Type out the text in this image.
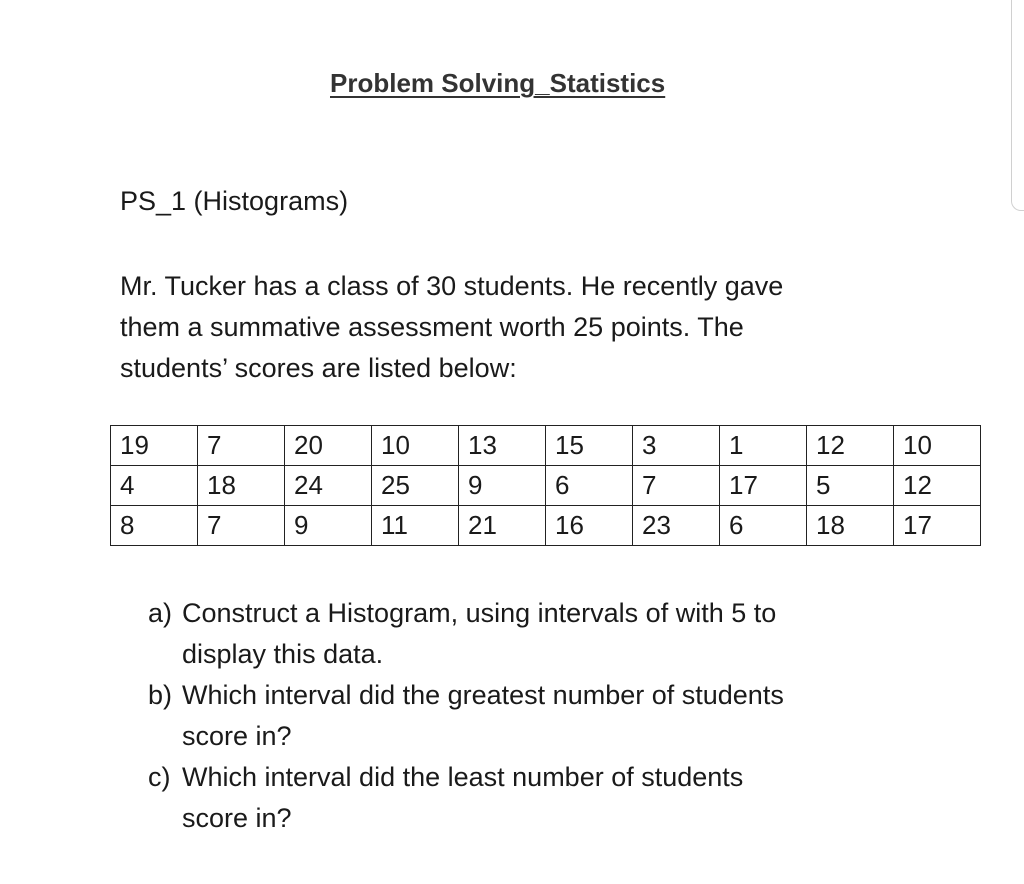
Problem Solving_Statistics
PS_1 (Histograms)
Mr. Tucker has a class of 30 students. He recently gave
them a summative assessment worth 25 points. The
students’ scores are listed below:
19	7	20	10	13	15	3	1	12	10
4	18	24	25	9	6	7	17	5	12
8	7	9	11	21	16	23	6	18	17
a) Construct a Histogram, using intervals of with 5 to
display this data.
b) Which interval did the greatest number of students
score in?
c) Which interval did the least number of students
score in?
